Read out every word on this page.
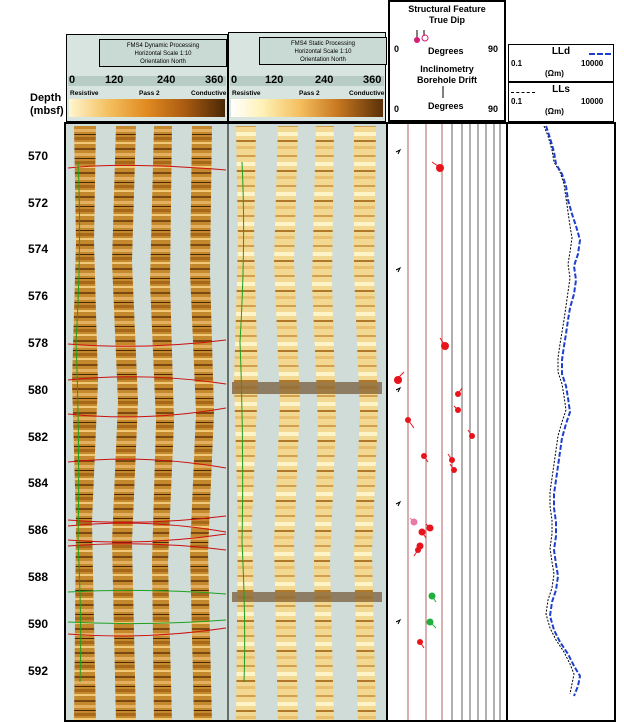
Depth
(mbsf)
FMS4 Dynamic Processing
Horizontal Scale 1:10
Orientation North
0	120	240	360
Resistive	Pass 2	Conductive
FMS4 Static Processing
Horizontal Scale 1:10
Orientation North
0	120	240	360
Resistive	Pass 2	Conductive
Structural Feature
True Dip
0	Degrees	90
Inclinometry
Borehole Drift
0	Degrees	90
LLd
0.1	10000
(Ωm)
LLs
0.1	10000
(Ωm)
570
572
574
576
578
580
582
584
586
588
590
592
